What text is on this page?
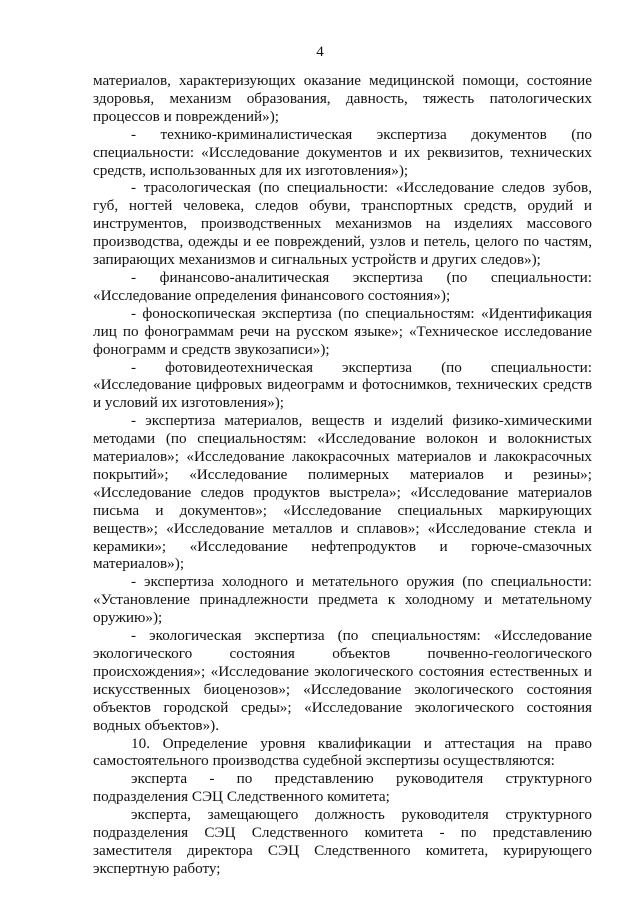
4

материалов, характеризующих оказание медицинской помощи, состояние здоровья, механизм образования, давность, тяжесть патологических процессов и повреждений»);

- технико-криминалистическая экспертиза документов (по специальности: «Исследование документов и их реквизитов, технических средств, использованных для их изготовления»);

- трасологическая (по специальности: «Исследование следов зубов, губ, ногтей человека, следов обуви, транспортных средств, орудий и инструментов, производственных механизмов на изделиях массового производства, одежды и ее повреждений, узлов и петель, целого по частям, запирающих механизмов и сигнальных устройств и других следов»);

- финансово-аналитическая экспертиза (по специальности: «Исследование определения финансового состояния»);

- фоноскопическая экспертиза (по специальностям: «Идентификация лиц по фонограммам речи на русском языке»; «Техническое исследование фонограмм и средств звукозаписи»);

- фотовидеотехническая экспертиза (по специальности: «Исследование цифровых видеограмм и фотоснимков, технических средств и условий их изготовления»);

- экспертиза материалов, веществ и изделий физико-химическими методами (по специальностям: «Исследование волокон и волокнистых материалов»; «Исследование лакокрасочных материалов и лакокрасочных покрытий»; «Исследование полимерных материалов и резины»; «Исследование следов продуктов выстрела»; «Исследование материалов письма и документов»; «Исследование специальных маркирующих веществ»; «Исследование металлов и сплавов»; «Исследование стекла и керамики»; «Исследование нефтепродуктов и горюче-смазочных материалов»);

- экспертиза холодного и метательного оружия (по специальности: «Установление принадлежности предмета к холодному и метательному оружию»);

- экологическая экспертиза (по специальностям: «Исследование экологического состояния объектов почвенно-геологического происхождения»; «Исследование экологического состояния естественных и искусственных биоценозов»; «Исследование экологического состояния объектов городской среды»; «Исследование экологического состояния водных объектов»).

10. Определение уровня квалификации и аттестация на право самостоятельного производства судебной экспертизы осуществляются:

эксперта - по представлению руководителя структурного подразделения СЭЦ Следственного комитета;

эксперта, замещающего должность руководителя структурного подразделения СЭЦ Следственного комитета - по представлению заместителя директора СЭЦ Следственного комитета, курирующего экспертную работу;
